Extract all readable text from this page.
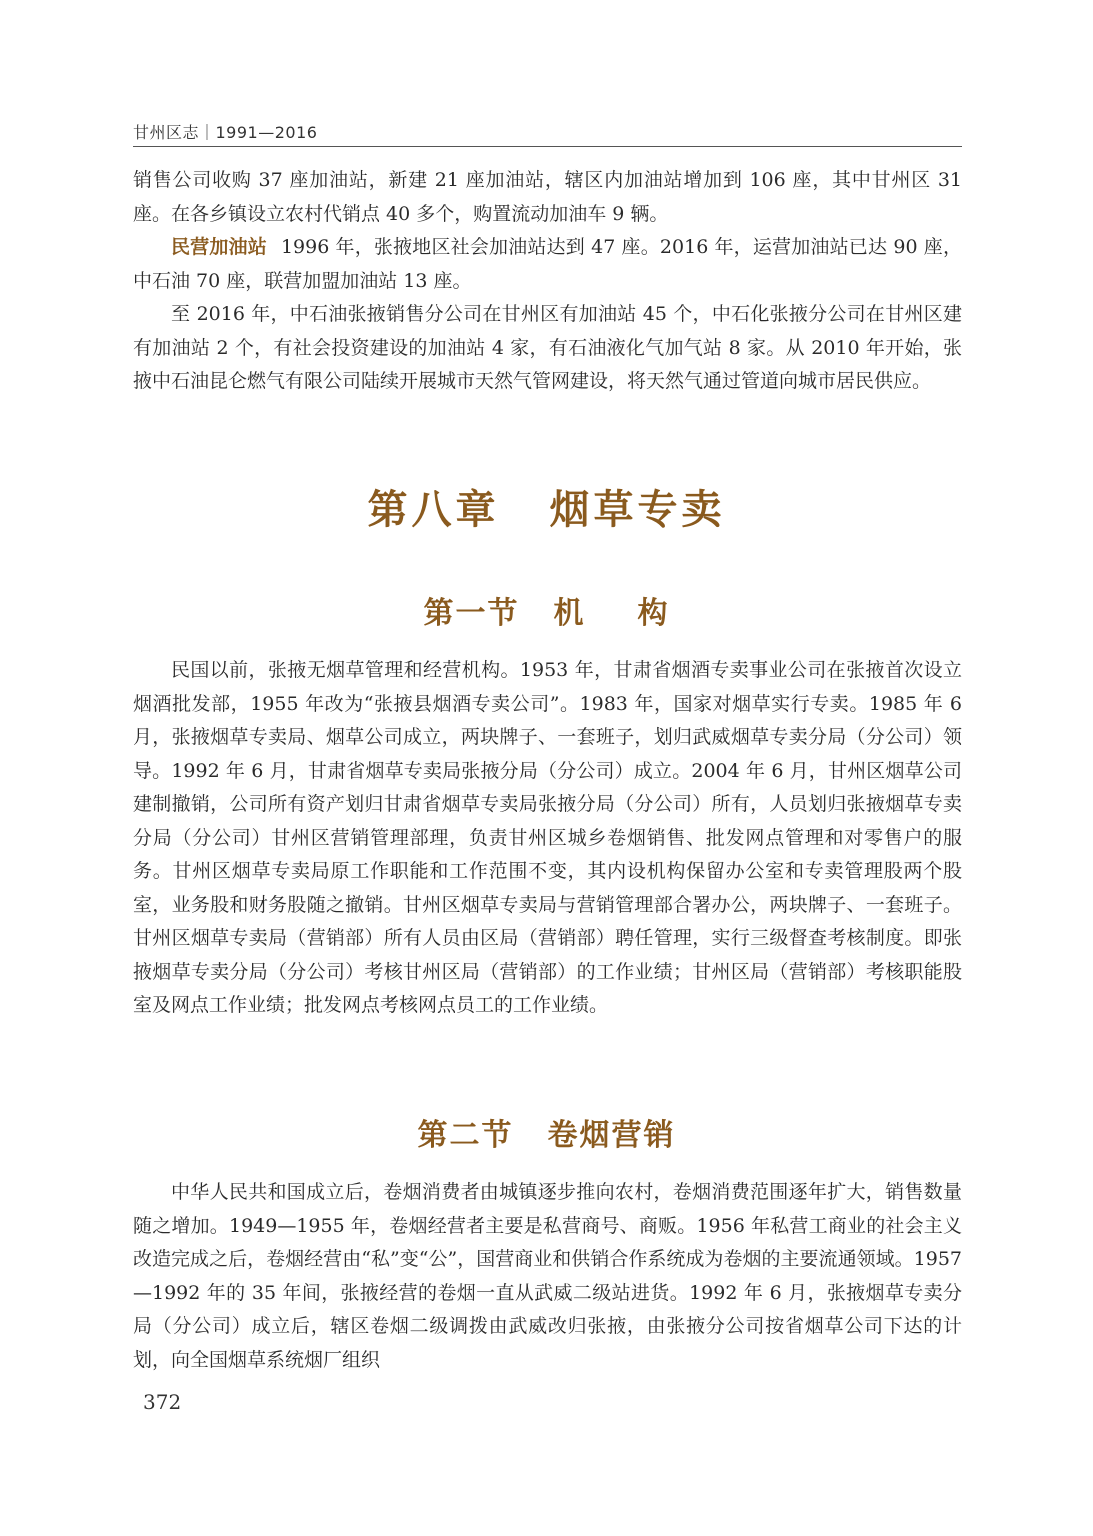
甘州区志｜1991—2016

销售公司收购 37 座加油站，新建 21 座加油站，辖区内加油站增加到 106 座，其中甘州区 31 座。在各乡镇设立农村代销点 40 多个，购置流动加油车 9 辆。

民营加油站 1996 年，张掖地区社会加油站达到 47 座。2016 年，运营加油站已达 90 座，中石油 70 座，联营加盟加油站 13 座。

至 2016 年，中石油张掖销售分公司在甘州区有加油站 45 个，中石化张掖分公司在甘州区建有加油站 2 个，有社会投资建设的加油站 4 家，有石油液化气加气站 8 家。从 2010 年开始，张掖中石油昆仑燃气有限公司陆续开展城市天然气管网建设，将天然气通过管道向城市居民供应。

第八章 烟草专卖
第一节 机 构

民国以前，张掖无烟草管理和经营机构。1953 年，甘肃省烟酒专卖事业公司在张掖首次设立烟酒批发部，1955 年改为“张掖县烟酒专卖公司”。1983 年，国家对烟草实行专卖。1985 年 6 月，张掖烟草专卖局、烟草公司成立，两块牌子、一套班子，划归武威烟草专卖分局（分公司）领导。1992 年 6 月，甘肃省烟草专卖局张掖分局（分公司）成立。2004 年 6 月，甘州区烟草公司建制撤销，公司所有资产划归甘肃省烟草专卖局张掖分局（分公司）所有，人员划归张掖烟草专卖分局（分公司）甘州区营销管理部理，负责甘州区城乡卷烟销售、批发网点管理和对零售户的服务。甘州区烟草专卖局原工作职能和工作范围不变，其内设机构保留办公室和专卖管理股两个股室，业务股和财务股随之撤销。甘州区烟草专卖局与营销管理部合署办公，两块牌子、一套班子。甘州区烟草专卖局（营销部）所有人员由区局（营销部）聘任管理，实行三级督查考核制度。即张掖烟草专卖分局（分公司）考核甘州区局（营销部）的工作业绩；甘州区局（营销部）考核职能股室及网点工作业绩；批发网点考核网点员工的工作业绩。

第二节 卷烟营销

中华人民共和国成立后，卷烟消费者由城镇逐步推向农村，卷烟消费范围逐年扩大，销售数量随之增加。1949—1955 年，卷烟经营者主要是私营商号、商贩。1956 年私营工商业的社会主义改造完成之后，卷烟经营由“私”变“公”，国营商业和供销合作系统成为卷烟的主要流通领域。1957—1992 年的 35 年间，张掖经营的卷烟一直从武威二级站进货。1992 年 6 月，张掖烟草专卖分局（分公司）成立后，辖区卷烟二级调拨由武威改归张掖，由张掖分公司按省烟草公司下达的计划，向全国烟草系统烟厂组织

372
